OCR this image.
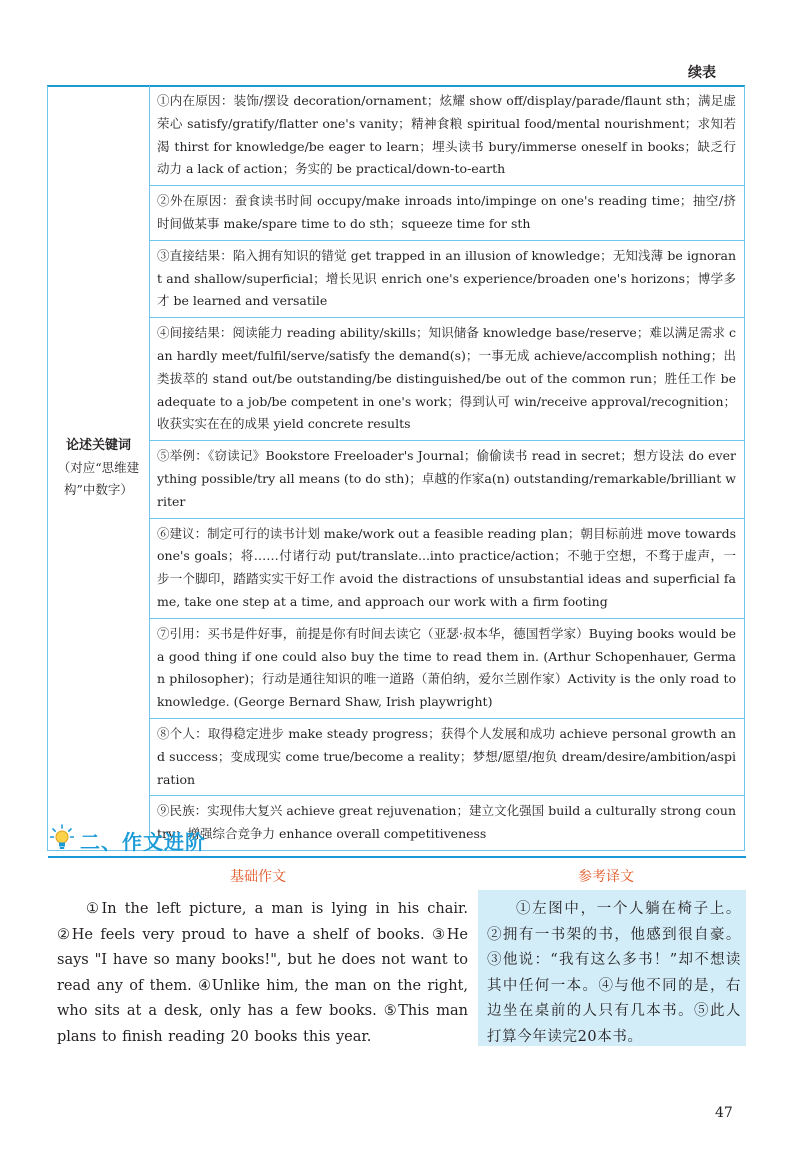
续表
论述关键词
（对应“思维建构”中数字）
	①内在原因：装饰/摆设 decoration/ornament；炫耀 show off/display/parade/flaunt sth；满足虚荣心 satisfy/gratify/flatter one's vanity；精神食粮 spiritual food/mental nourishment；求知若渴 thirst for knowledge/be eager to learn；埋头读书 bury/immerse oneself in books；缺乏行动力 a lack of action；务实的 be practical/down-to-earth
②外在原因：蚕食读书时间 occupy/make inroads into/impinge on one's reading time；抽空/挤时间做某事 make/spare time to do sth；squeeze time for sth
③直接结果：陷入拥有知识的错觉 get trapped in an illusion of knowledge；无知浅薄 be ignorant and shallow/superficial；增长见识 enrich one's experience/broaden one's horizons；博学多才 be learned and versatile
④间接结果：阅读能力 reading ability/skills；知识储备 knowledge base/reserve；难以满足需求 can hardly meet/fulfil/serve/satisfy the demand(s)；一事无成 achieve/accomplish nothing；出类拔萃的 stand out/be outstanding/be distinguished/be out of the common run；胜任工作 be adequate to a job/be competent in one's work；得到认可 win/receive approval/recognition；收获实实在在的成果 yield concrete results
⑤举例：《窃读记》Bookstore Freeloader's Journal；偷偷读书 read in secret；想方设法 do everything possible/try all means (to do sth)；卓越的作家a(n) outstanding/remarkable/brilliant writer
⑥建议：制定可行的读书计划 make/work out a feasible reading plan；朝目标前进 move towards one's goals；将……付诸行动 put/translate...into practice/action；不驰于空想，不骛于虚声，一步一个脚印，踏踏实实干好工作 avoid the distractions of unsubstantial ideas and superficial fame, take one step at a time, and approach our work with a firm footing
⑦引用：买书是件好事，前提是你有时间去读它（亚瑟·叔本华，德国哲学家）Buying books would be a good thing if one could also buy the time to read them in. (Arthur Schopenhauer, German philosopher)；行动是通往知识的唯一道路（萧伯纳，爱尔兰剧作家）Activity is the only road to knowledge. (George Bernard Shaw, Irish playwright)
⑧个人：取得稳定进步 make steady progress；获得个人发展和成功 achieve personal growth and success；变成现实 come true/become a reality；梦想/愿望/抱负 dream/desire/ambition/aspiration
⑨民族：实现伟大复兴 achieve great rejuvenation；建立文化强国 build a culturally strong country；增强综合竞争力 enhance overall competitiveness
二、作文进阶
基础作文	参考译文

①In the left picture, a man is lying in his chair. ②He feels very proud to have a shelf of books. ③He says "I have so many books!", but he does not want to read any of them. ④Unlike him, the man on the right, who sits at a desk, only has a few books. ⑤This man plans to finish reading 20 books this year.

①左图中，一个人躺在椅子上。②拥有一书架的书，他感到很自豪。③他说：“我有这么多书！”却不想读其中任何一本。④与他不同的是，右边坐在桌前的人只有几本书。⑤此人打算今年读完20本书。

47
